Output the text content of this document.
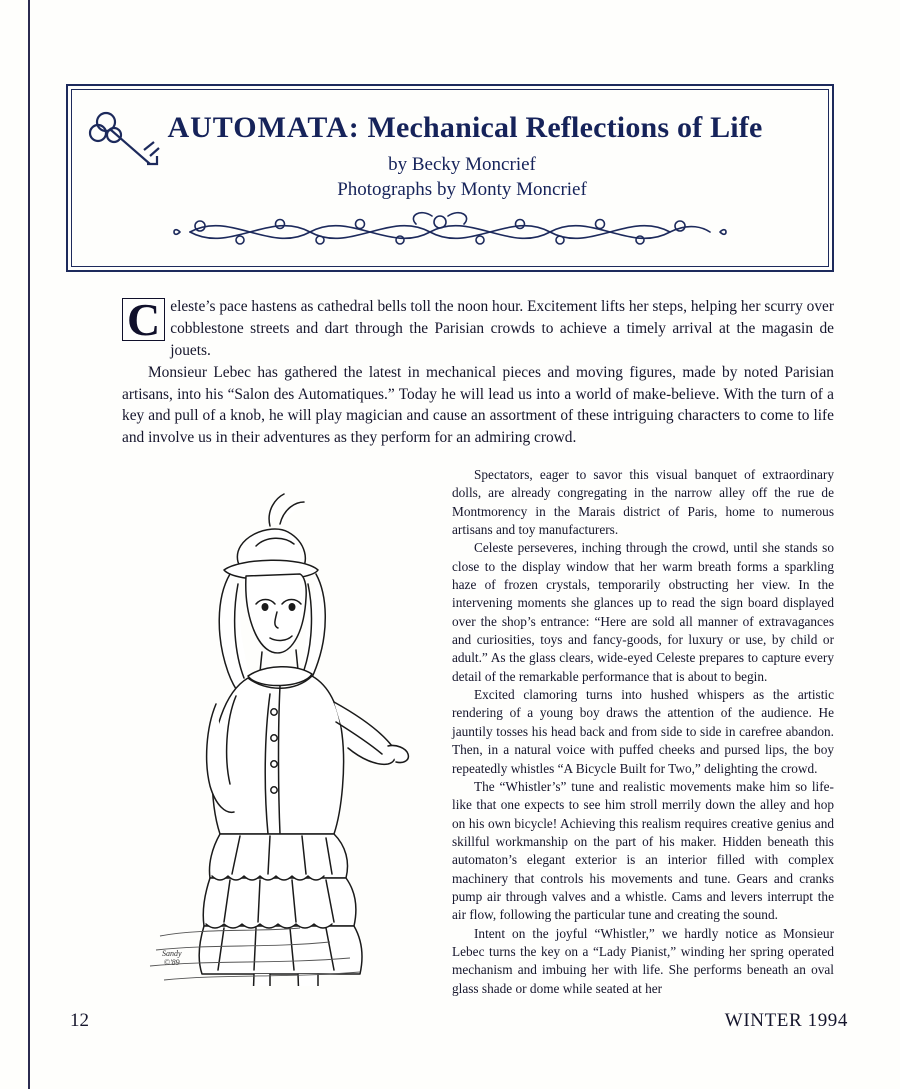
AUTOMATA: Mechanical Reflections of Life
by Becky Moncrief
Photographs by Monty Moncrief

C eleste’s pace hastens as cathedral bells toll the noon hour. Excitement lifts her steps, helping her scurry over cobblestone streets and dart through the Parisian crowds to achieve a timely arrival at the magasin de jouets.

Monsieur Lebec has gathered the latest in mechanical pieces and moving figures, made by noted Parisian artisans, into his “Salon des Automatiques.” Today he will lead us into a world of make-believe. With the turn of a key and pull of a knob, he will play magician and cause an assortment of these intriguing characters to come to life and involve us in their adventures as they perform for an admiring crowd.

Sandy
©'89

Spectators, eager to savor this visual banquet of extraordinary dolls, are already congregating in the narrow alley off the rue de Montmorency in the Marais district of Paris, home to numerous artisans and toy manufacturers.

Celeste perseveres, inching through the crowd, until she stands so close to the display window that her warm breath forms a sparkling haze of frozen crystals, temporarily obstructing her view. In the intervening moments she glances up to read the sign board displayed over the shop’s entrance: “Here are sold all manner of extravagances and curiosities, toys and fancy-goods, for luxury or use, by child or adult.” As the glass clears, wide-eyed Celeste prepares to capture every detail of the remarkable performance that is about to begin.

Excited clamoring turns into hushed whispers as the artistic rendering of a young boy draws the attention of the audience. He jauntily tosses his head back and from side to side in carefree abandon. Then, in a natural voice with puffed cheeks and pursed lips, the boy repeatedly whistles “A Bicycle Built for Two,” delighting the crowd.

The “Whistler’s” tune and realistic movements make him so life-like that one expects to see him stroll merrily down the alley and hop on his own bicycle! Achieving this realism requires creative genius and skillful workmanship on the part of his maker. Hidden beneath this automaton’s elegant exterior is an interior filled with complex machinery that controls his movements and tune. Gears and cranks pump air through valves and a whistle. Cams and levers interrupt the air flow, following the particular tune and creating the sound.

Intent on the joyful “Whistler,” we hardly notice as Monsieur Lebec turns the key on a “Lady Pianist,” winding her spring operated mechanism and imbuing her with life. She performs beneath an oval glass shade or dome while seated at her

12	WINTER 1994
